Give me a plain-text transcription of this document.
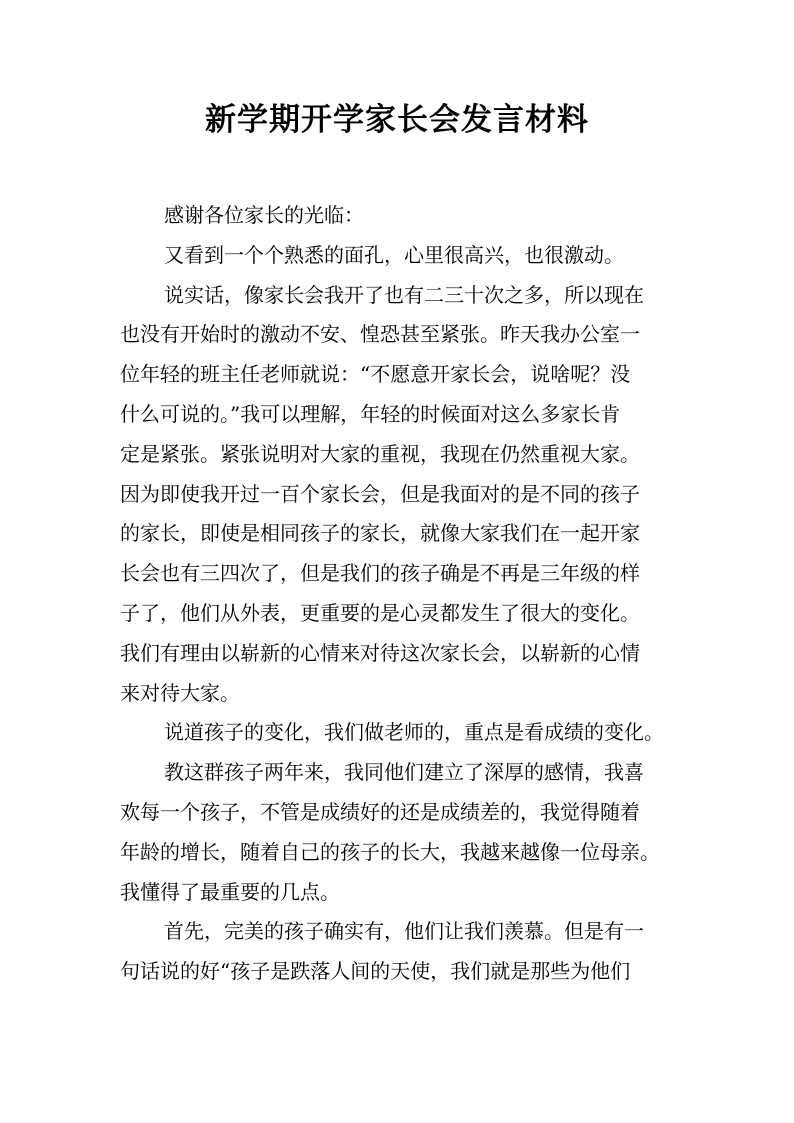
新学期开学家长会发言材料
感谢各位家长的光临：
又看到一个个熟悉的面孔，心里很高兴，也很激动。
说实话，像家长会我开了也有二三十次之多，所以现在
也没有开始时的激动不安、惶恐甚至紧张。昨天我办公室一
位年轻的班主任老师就说：“不愿意开家长会，说啥呢？没
什么可说的。”我可以理解，年轻的时候面对这么多家长肯
定是紧张。紧张说明对大家的重视，我现在仍然重视大家。
因为即使我开过一百个家长会，但是我面对的是不同的孩子
的家长，即使是相同孩子的家长，就像大家我们在一起开家
长会也有三四次了，但是我们的孩子确是不再是三年级的样
子了，他们从外表，更重要的是心灵都发生了很大的变化。
我们有理由以崭新的心情来对待这次家长会，以崭新的心情
来对待大家。
说道孩子的变化，我们做老师的，重点是看成绩的变化。
教这群孩子两年来，我同他们建立了深厚的感情，我喜
欢每一个孩子，不管是成绩好的还是成绩差的，我觉得随着
年龄的增长，随着自己的孩子的长大，我越来越像一位母亲。
我懂得了最重要的几点。
首先，完美的孩子确实有，他们让我们羡慕。但是有一
句话说的好“孩子是跌落人间的天使，我们就是那些为他们
